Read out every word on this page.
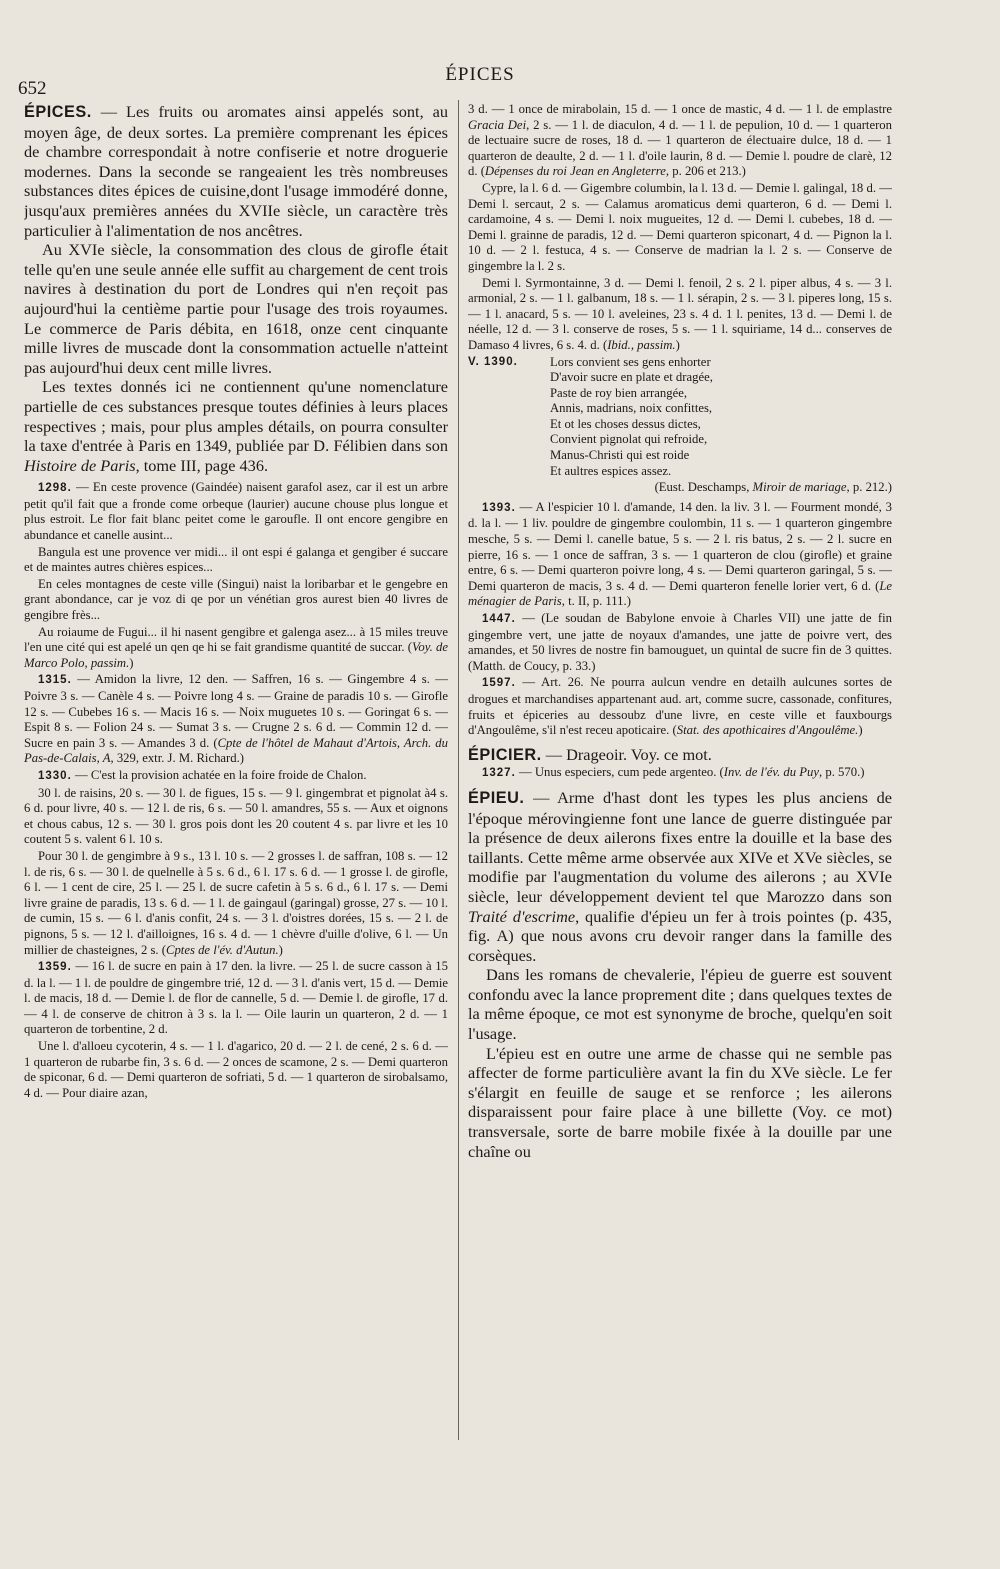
652
ÉPICES

ÉPICES. — Les fruits ou aromates ainsi appelés sont, au moyen âge, de deux sortes. La première comprenant les épices de chambre correspondait à notre confiserie et notre droguerie modernes. Dans la seconde se rangeaient les très nombreuses substances dites épices de cuisine,dont l'usage immodéré donne, jusqu'aux premières années du XVIIe siècle, un caractère très particulier à l'alimentation de nos ancêtres.

Au XVIe siècle, la consommation des clous de girofle était telle qu'en une seule année elle suffit au chargement de cent trois navires à destination du port de Londres qui n'en reçoit pas aujourd'hui la centième partie pour l'usage des trois royaumes. Le commerce de Paris débita, en 1618, onze cent cinquante mille livres de muscade dont la consommation actuelle n'atteint pas aujourd'hui deux cent mille livres.

Les textes donnés ici ne contiennent qu'une nomenclature partielle de ces substances presque toutes définies à leurs places respectives ; mais, pour plus amples détails, on pourra consulter la taxe d'entrée à Paris en 1349, publiée par D. Félibien dans son Histoire de Paris, tome III, page 436.

1298. — En ceste provence (Gaindée) naisent garafol asez, car il est un arbre petit qu'il fait que a fronde come orbeque (laurier) aucune chouse plus longue et plus estroit. Le flor fait blanc peitet come le garoufle. Il ont encore gengibre en abundance et canelle ausint...

Bangula est une provence ver midi... il ont espi é galanga et gengiber é succare et de maintes autres chières espices...

En celes montagnes de ceste ville (Singui) naist la loribarbar et le gengebre en grant abondance, car je voz di qe por un vénétian gros aurest bien 40 livres de gengibre frès...

Au roiaume de Fugui... il hi nasent gengibre et galenga asez... à 15 miles treuve l'en une cité qui est apelé un qen qe hi se fait grandisme quantité de succar. (Voy. de Marco Polo, passim.)

1315. — Amidon la livre, 12 den. — Saffren, 16 s. — Gingembre 4 s. — Poivre 3 s. — Canèle 4 s. — Poivre long 4 s. — Graine de paradis 10 s. — Girofle 12 s. — Cubebes 16 s. — Macis 16 s. — Noix muguetes 10 s. — Goringat 6 s. — Espit 8 s. — Folion 24 s. — Sumat 3 s. — Crugne 2 s. 6 d. — Commin 12 d. — Sucre en pain 3 s. — Amandes 3 d. (Cpte de l'hôtel de Mahaut d'Artois, Arch. du Pas-de-Calais, A, 329, extr. J. M. Richard.)

1330. — C'est la provision achatée en la foire froide de Chalon.

30 l. de raisins, 20 s. — 30 l. de figues, 15 s. — 9 l. gingembrat et pignolat à4 s. 6 d. pour livre, 40 s. — 12 l. de ris, 6 s. — 50 l. amandres, 55 s. — Aux et oignons et chous cabus, 12 s. — 30 l. gros pois dont les 20 coutent 4 s. par livre et les 10 coutent 5 s. valent 6 l. 10 s.

Pour 30 l. de gengimbre à 9 s., 13 l. 10 s. — 2 grosses l. de saffran, 108 s. — 12 l. de ris, 6 s. — 30 l. de quelnelle à 5 s. 6 d., 6 l. 17 s. 6 d. — 1 grosse l. de girofle, 6 l. — 1 cent de cire, 25 l. — 25 l. de sucre cafetin à 5 s. 6 d., 6 l. 17 s. — Demi livre graine de paradis, 13 s. 6 d. — 1 l. de gaingaul (garingal) grosse, 27 s. — 10 l. de cumin, 15 s. — 6 l. d'anis confit, 24 s. — 3 l. d'oistres dorées, 15 s. — 2 l. de pignons, 5 s. — 12 l. d'ailloignes, 16 s. 4 d. — 1 chèvre d'uille d'olive, 6 l. — Un millier de chasteignes, 2 s. (Cptes de l'év. d'Autun.)

1359. — 16 l. de sucre en pain à 17 den. la livre. — 25 l. de sucre casson à 15 d. la l. — 1 l. de pouldre de gingembre trié, 12 d. — 3 l. d'anis vert, 15 d. — Demie l. de macis, 18 d. — Demie l. de flor de cannelle, 5 d. — Demie l. de girofle, 17 d. — 4 l. de conserve de chitron à 3 s. la l. — Oile laurin un quarteron, 2 d. — 1 quarteron de torbentine, 2 d.

Une l. d'alloeu cycoterin, 4 s. — 1 l. d'agarico, 20 d. — 2 l. de cené, 2 s. 6 d. — 1 quarteron de rubarbe fin, 3 s. 6 d. — 2 onces de scamone, 2 s. — Demi quarteron de spiconar, 6 d. — Demi quarteron de sofriati, 5 d. — 1 quarteron de sirobalsamo, 4 d. — Pour diaire azan,

3 d. — 1 once de mirabolain, 15 d. — 1 once de mastic, 4 d. — 1 l. de emplastre Gracia Dei, 2 s. — 1 l. de diaculon, 4 d. — 1 l. de pepulion, 10 d. — 1 quarteron de lectuaire sucre de roses, 18 d. — 1 quarteron de électuaire dulce, 18 d. — 1 quarteron de deaulte, 2 d. — 1 l. d'oile laurin, 8 d. — Demie l. poudre de clarè, 12 d. (Dépenses du roi Jean en Angleterre, p. 206 et 213.)

Cypre, la l. 6 d. — Gigembre columbin, la l. 13 d. — Demie l. galingal, 18 d. — Demi l. sercaut, 2 s. — Calamus aromaticus demi quarteron, 6 d. — Demi l. cardamoine, 4 s. — Demi l. noix mugueites, 12 d. — Demi l. cubebes, 18 d. — Demi l. grainne de paradis, 12 d. — Demi quarteron spiconart, 4 d. — Pignon la l. 10 d. — 2 l. festuca, 4 s. — Conserve de madrian la l. 2 s. — Conserve de gingembre la l. 2 s.

Demi l. Syrmontainne, 3 d. — Demi l. fenoil, 2 s. 2 l. piper albus, 4 s. — 3 l. armonial, 2 s. — 1 l. galbanum, 18 s. — 1 l. sérapin, 2 s. — 3 l. piperes long, 15 s. — 1 l. anacard, 5 s. — 10 l. aveleines, 23 s. 4 d. 1 l. penites, 13 d. — Demi l. de néelle, 12 d. — 3 l. conserve de roses, 5 s. — 1 l. squiriame, 14 d... conserves de Damaso 4 livres, 6 s. 4. d. (Ibid., passim.)

V. 1390.	Lors convient ses gens enhorter
D'avoir sucre en plate et dragée,
Paste de roy bien arrangée,
Annis, madrians, noix confittes,
Et ot les choses dessus dictes,
Convient pignolat qui refroide,
Manus-Christi qui est roide
Et aultres espices assez.
(Eust. Deschamps, Miroir de mariage, p. 212.)

1393. — A l'espicier 10 l. d'amande, 14 den. la liv. 3 l. — Fourment mondé, 3 d. la l. — 1 liv. pouldre de gingembre coulombin, 11 s. — 1 quarteron gingembre mesche, 5 s. — Demi l. canelle batue, 5 s. — 2 l. ris batus, 2 s. — 2 l. sucre en pierre, 16 s. — 1 once de saffran, 3 s. — 1 quarteron de clou (girofle) et graine entre, 6 s. — Demi quarteron poivre long, 4 s. — Demi quarteron garingal, 5 s. — Demi quarteron de macis, 3 s. 4 d. — Demi quarteron fenelle lorier vert, 6 d. (Le ménagier de Paris, t. II, p. 111.)

1447. — (Le soudan de Babylone envoie à Charles VII) une jatte de fin gingembre vert, une jatte de noyaux d'amandes, une jatte de poivre vert, des amandes, et 50 livres de nostre fin bamouguet, un quintal de sucre fin de 3 quittes. (Matth. de Coucy, p. 33.)

1597. — Art. 26. Ne pourra aulcun vendre en detailh aulcunes sortes de drogues et marchandises appartenant aud. art, comme sucre, cassonade, confitures, fruits et épiceries au dessoubz d'une livre, en ceste ville et fauxbourgs d'Angoulême, s'il n'est receu apoticaire. (Stat. des apothicaires d'Angoulême.)

ÉPICIER. — Drageoir. Voy. ce mot.

1327. — Unus especiers, cum pede argenteo. (Inv. de l'év. du Puy, p. 570.)

ÉPIEU. — Arme d'hast dont les types les plus anciens de l'époque mérovingienne font une lance de guerre distinguée par la présence de deux ailerons fixes entre la douille et la base des taillants. Cette même arme observée aux XIVe et XVe siècles, se modifie par l'augmentation du volume des ailerons ; au XVIe siècle, leur développement devient tel que Marozzo dans son Traité d'escrime, qualifie d'épieu un fer à trois pointes (p. 435, fig. A) que nous avons cru devoir ranger dans la famille des corsèques.

Dans les romans de chevalerie, l'épieu de guerre est souvent confondu avec la lance proprement dite ; dans quelques textes de la même époque, ce mot est synonyme de broche, quelqu'en soit l'usage.

L'épieu est en outre une arme de chasse qui ne semble pas affecter de forme particulière avant la fin du XVe siècle. Le fer s'élargit en feuille de sauge et se renforce ; les ailerons disparaissent pour faire place à une billette (Voy. ce mot) transversale, sorte de barre mobile fixée à la douille par une chaîne ou
